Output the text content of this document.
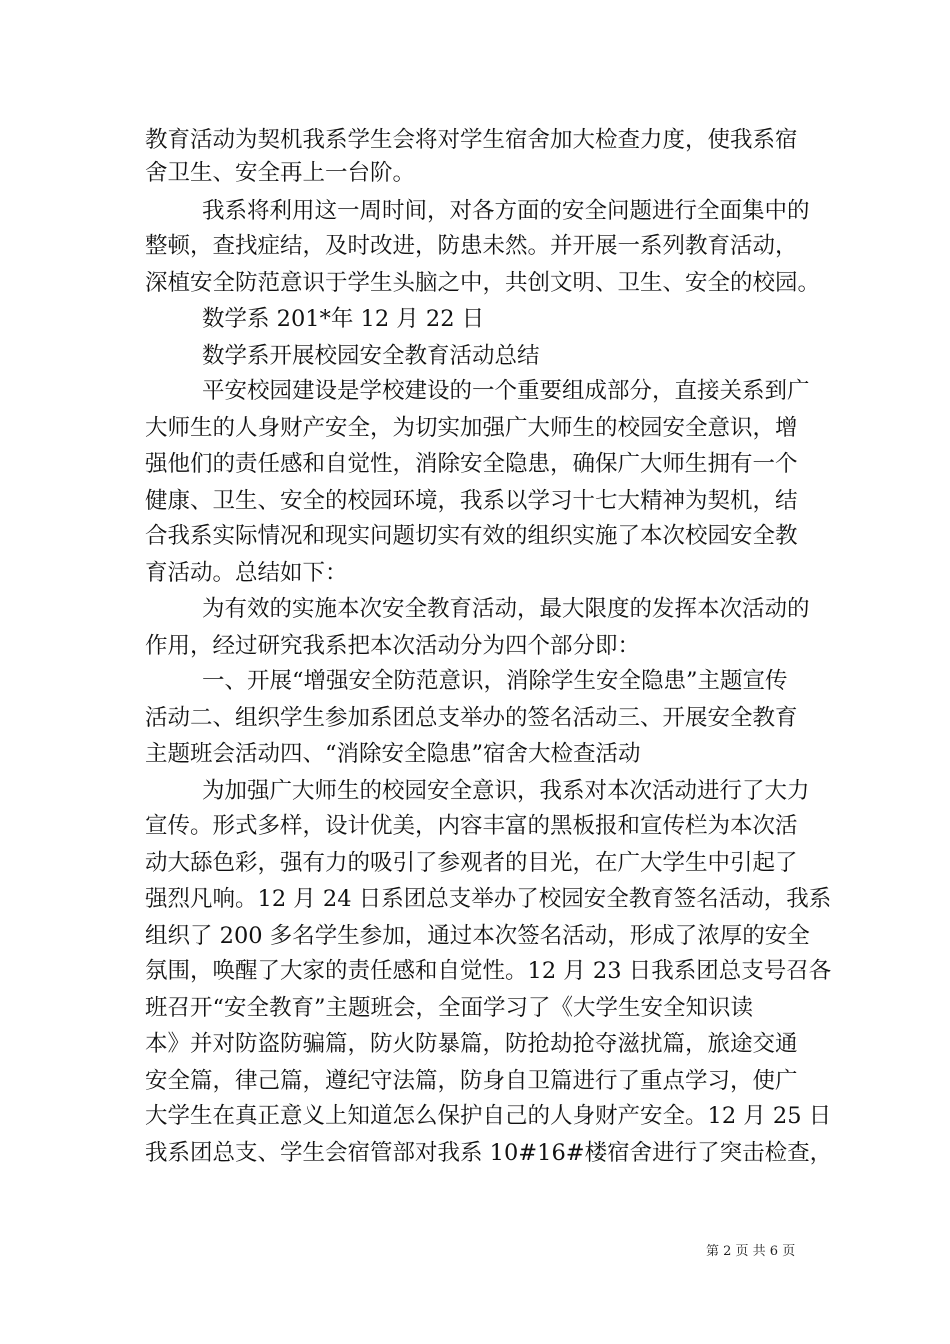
教育活动为契机我系学生会将对学生宿舍加大检查力度，使我系宿
舍卫生、安全再上一台阶。
我系将利用这一周时间，对各方面的安全问题进行全面集中的
整顿，查找症结，及时改进，防患未然。并开展一系列教育活动，
深植安全防范意识于学生头脑之中，共创文明、卫生、安全的校园。
数学系 201*年 12 月 22 日
数学系开展校园安全教育活动总结
平安校园建设是学校建设的一个重要组成部分，直接关系到广
大师生的人身财产安全，为切实加强广大师生的校园安全意识，增
强他们的责任感和自觉性，消除安全隐患，确保广大师生拥有一个
健康、卫生、安全的校园环境，我系以学习十七大精神为契机，结
合我系实际情况和现实问题切实有效的组织实施了本次校园安全教
育活动。总结如下：
为有效的实施本次安全教育活动，最大限度的发挥本次活动的
作用，经过研究我系把本次活动分为四个部分即：
一、开展“增强安全防范意识，消除学生安全隐患”主题宣传
活动二、组织学生参加系团总支举办的签名活动三、开展安全教育
主题班会活动四、“消除安全隐患”宿舍大检查活动
为加强广大师生的校园安全意识，我系对本次活动进行了大力
宣传。形式多样，设计优美，内容丰富的黑板报和宣传栏为本次活
动大舔色彩，强有力的吸引了参观者的目光，在广大学生中引起了
强烈凡响。12 月 24 日系团总支举办了校园安全教育签名活动，我系
组织了 200 多名学生参加，通过本次签名活动，形成了浓厚的安全
氛围，唤醒了大家的责任感和自觉性。12 月 23 日我系团总支号召各
班召开“安全教育”主题班会，全面学习了《大学生安全知识读
本》并对防盗防骗篇，防火防暴篇，防抢劫抢夺滋扰篇，旅途交通
安全篇，律己篇，遵纪守法篇，防身自卫篇进行了重点学习，使广
大学生在真正意义上知道怎么保护自己的人身财产安全。12 月 25 日
我系团总支、学生会宿管部对我系 10#16#楼宿舍进行了突击检查，
第 2 页 共 6 页
